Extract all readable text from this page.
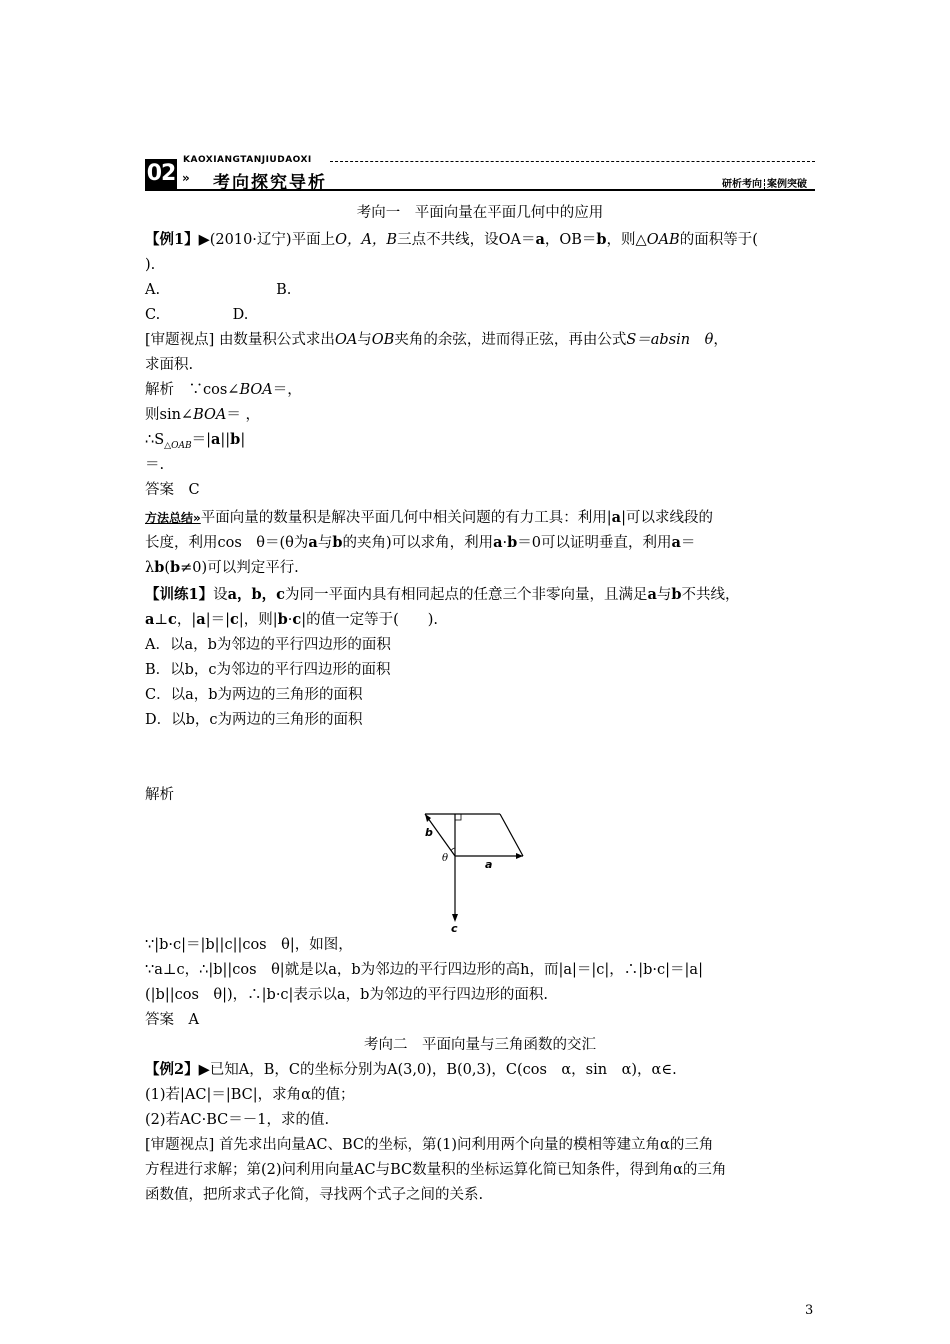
02
KAOXIANGTANJIUDAOXI
» 考向探究导析	研析考向 案例突破
考向一　平面向量在平面几何中的应用
【例1】▶(2010·辽宁)平面上O，A，B三点不共线，设OA＝a，OB＝b，则△OAB的面积等于(
).
A.　　　　　　　　B.
C.　　　　　D.
[审题视点] 由数量积公式求出OA与OB夹角的余弦，进而得正弦，再由公式S＝absin　θ，
求面积.
解析　 ∵cos∠BOA＝，
则sin∠BOA＝ ，
$\therefore S_{\triangle OAB}=|a||b|$
＝.
答案　 C
方法总结»平面向量的数量积是解决平面几何中相关问题的有力工具：利用|a|可以求线段的
长度，利用cos　θ＝(θ为a与b的夹角)可以求角，利用a·b＝0可以证明垂直，利用a＝
λb(b≠0)可以判定平行.
【训练1】设a，b，c为同一平面内具有相同起点的任意三个非零向量，且满足a与b不共线，
a⊥c，|a|＝|c|，则|b·c|的值一定等于(　　).
A．以a，b为邻边的平行四边形的面积
B．以b，c为邻边的平行四边形的面积
C．以a，b为两边的三角形的面积
D．以b，c为两边的三角形的面积
解析
b
θ	a
c
∵|b·c|＝|b||c||cos　θ|，如图，
∵a⊥c，∴|b||cos　θ|就是以a，b为邻边的平行四边形的高h，而|a|＝|c|，∴|b·c|＝|a|
(|b||cos　θ|)，∴|b·c|表示以a，b为邻边的平行四边形的面积.
答案　 A
考向二　平面向量与三角函数的交汇
【例2】▶已知A，B，C的坐标分别为A(3,0)，B(0,3)，C(cos　α，sin　α)，α∈.
(1)若|AC|＝|BC|，求角α的值；
(2)若AC·BC＝－1，求的值.
[审题视点] 首先求出向量AC、BC的坐标，第(1)问利用两个向量的模相等建立角α的三角
方程进行求解；第(2)问利用向量AC与BC数量积的坐标运算化简已知条件，得到角α的三角
函数值，把所求式子化简，寻找两个式子之间的关系.
3
